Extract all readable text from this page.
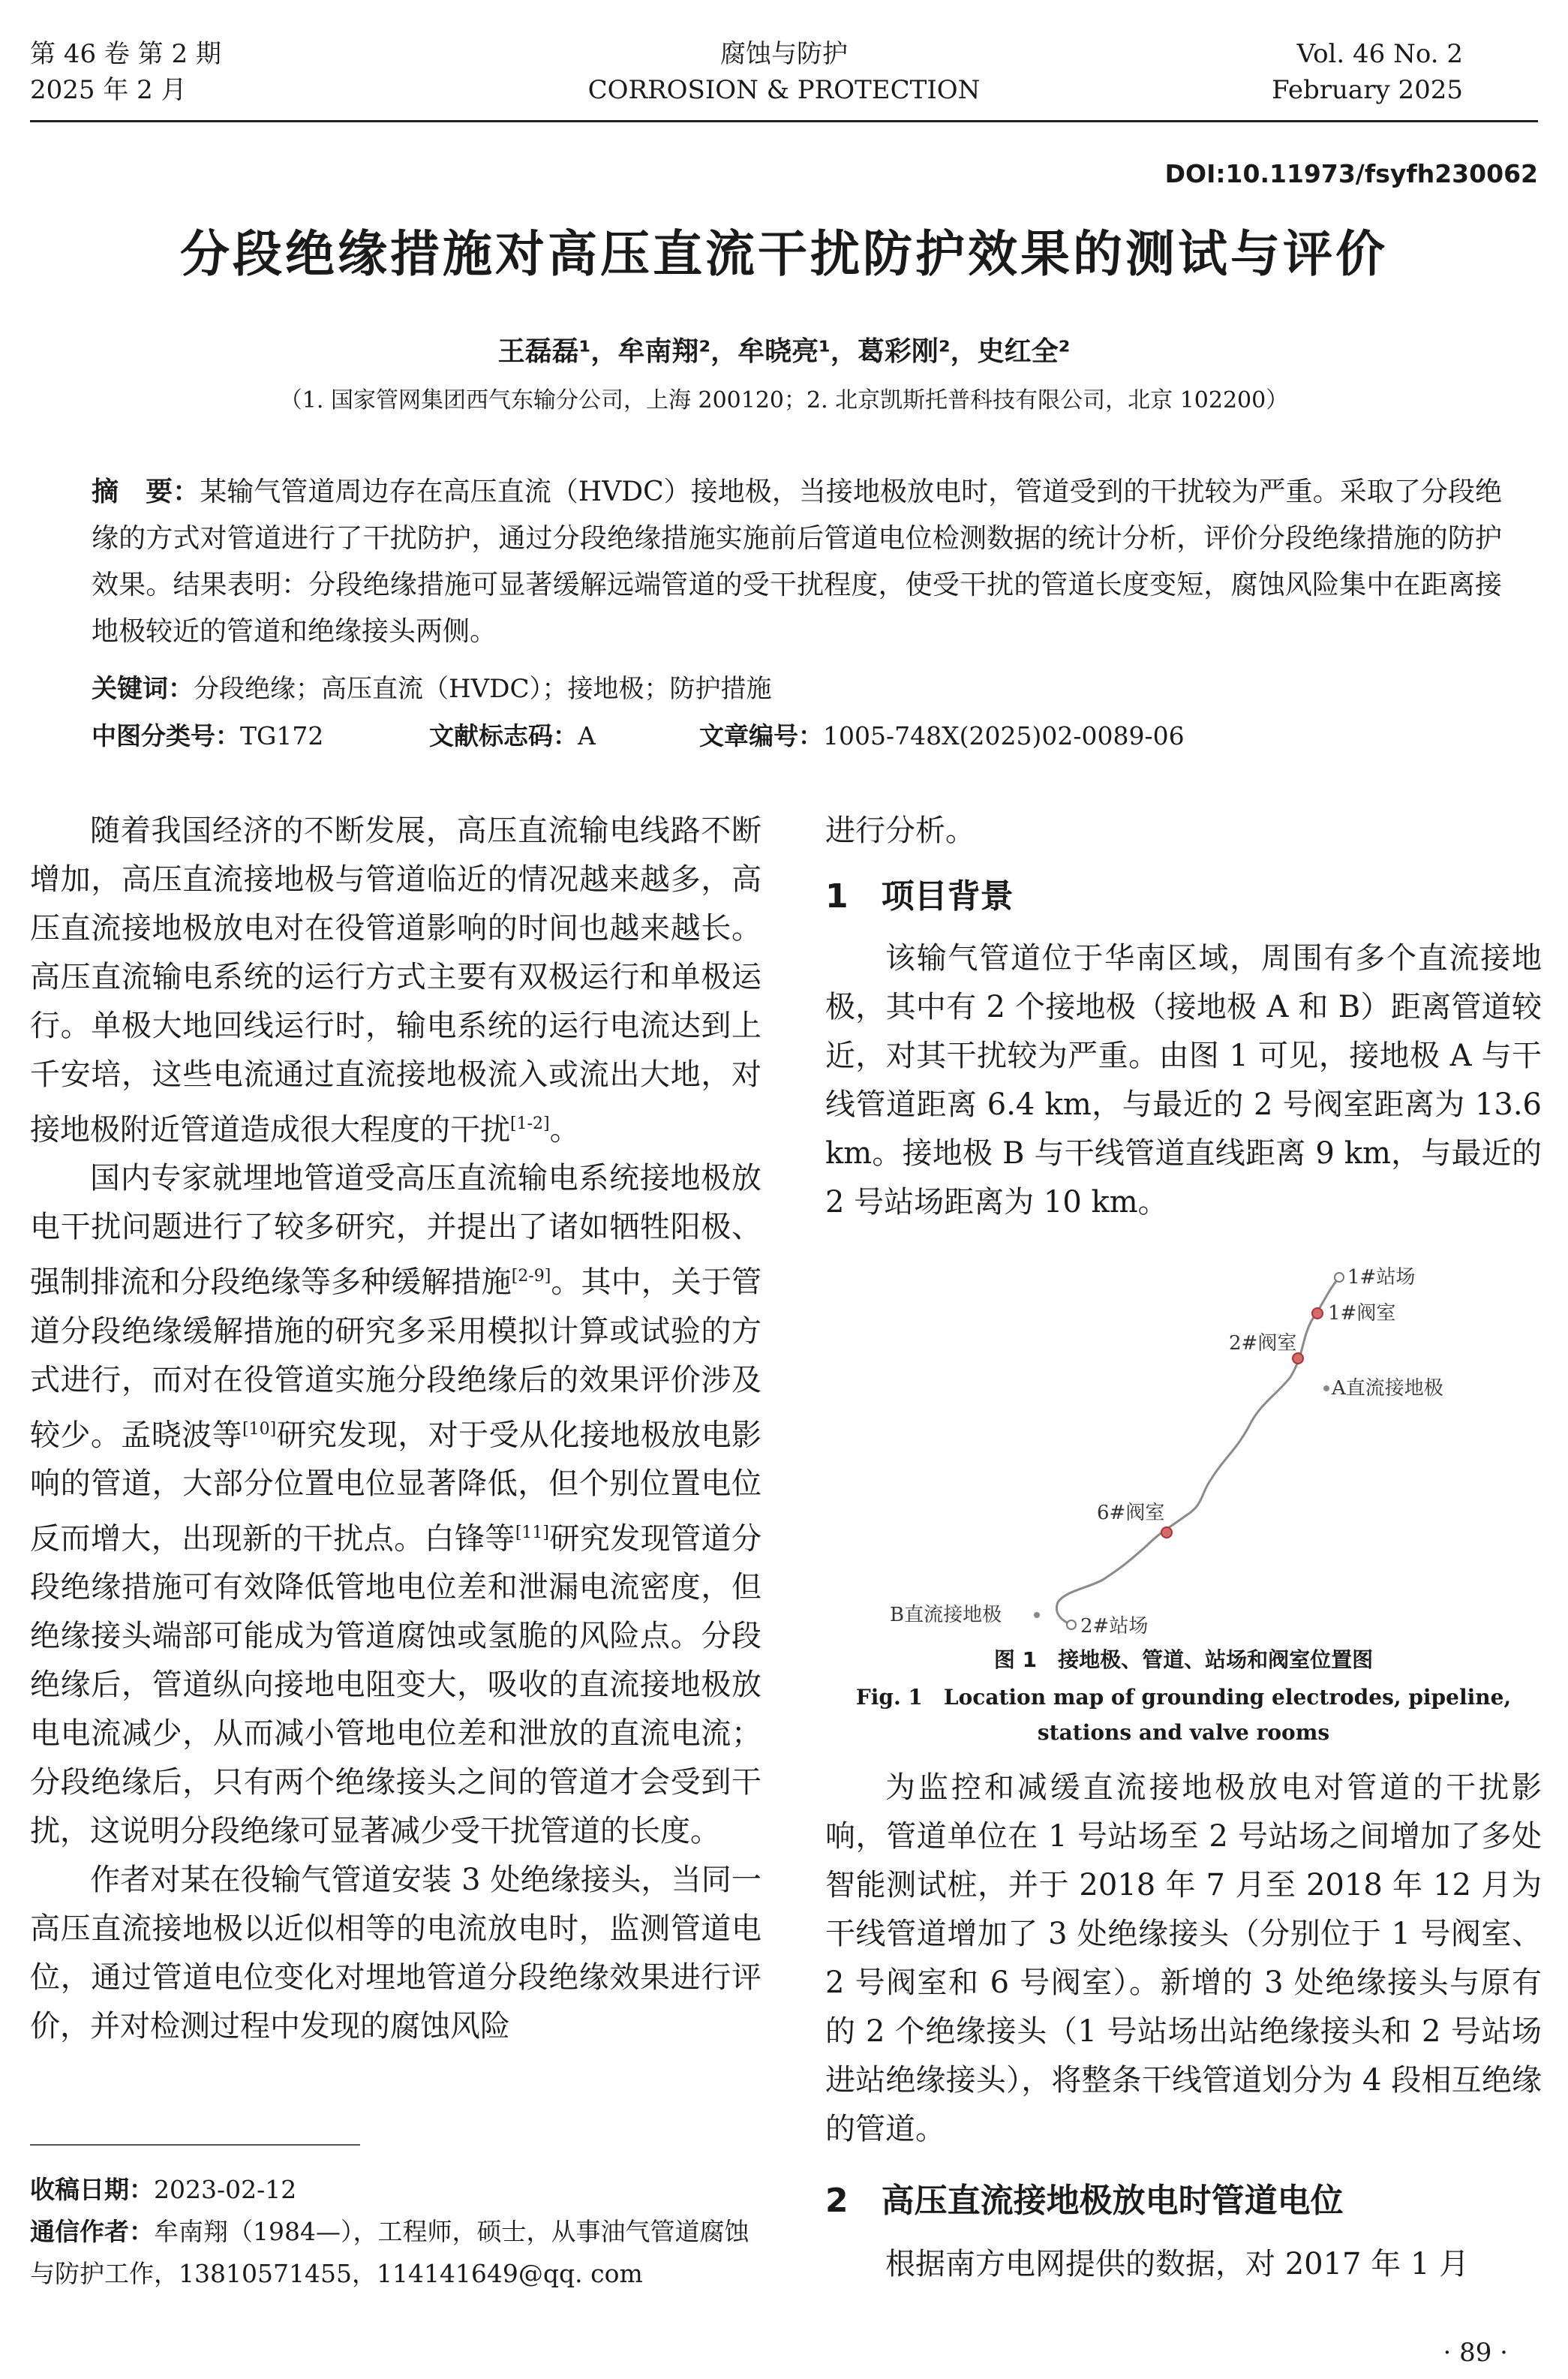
第 46 卷 第 2 期
2025 年 2 月
腐蚀与防护
CORROSION & PROTECTION
Vol. 46 No. 2
February 2025
DOI:10.11973/fsyfh230062
分段绝缘措施对高压直流干扰防护效果的测试与评价
王磊磊¹，牟南翔²，牟晓亮¹，葛彩刚²，史红全²
（1. 国家管网集团西气东输分公司，上海 200120；2. 北京凯斯托普科技有限公司，北京 102200）
摘　要：某输气管道周边存在高压直流（HVDC）接地极，当接地极放电时，管道受到的干扰较为严重。采取了分段绝缘的方式对管道进行了干扰防护，通过分段绝缘措施实施前后管道电位检测数据的统计分析，评价分段绝缘措施的防护效果。结果表明：分段绝缘措施可显著缓解远端管道的受干扰程度，使受干扰的管道长度变短，腐蚀风险集中在距离接地极较近的管道和绝缘接头两侧。
关键词：分段绝缘；高压直流（HVDC）；接地极；防护措施
中图分类号：TG172	文献标志码：A	文章编号：1005-748X(2025)02-0089-06

随着我国经济的不断发展，高压直流输电线路不断增加，高压直流接地极与管道临近的情况越来越多，高压直流接地极放电对在役管道影响的时间也越来越长。高压直流输电系统的运行方式主要有双极运行和单极运行。单极大地回线运行时，输电系统的运行电流达到上千安培，这些电流通过直流接地极流入或流出大地，对接地极附近管道造成很大程度的干扰[1-2]。

国内专家就埋地管道受高压直流输电系统接地极放电干扰问题进行了较多研究，并提出了诸如牺牲阳极、强制排流和分段绝缘等多种缓解措施[2-9]。其中，关于管道分段绝缘缓解措施的研究多采用模拟计算或试验的方式进行，而对在役管道实施分段绝缘后的效果评价涉及较少。孟晓波等[10]研究发现，对于受从化接地极放电影响的管道，大部分位置电位显著降低，但个别位置电位反而增大，出现新的干扰点。白锋等[11]研究发现管道分段绝缘措施可有效降低管地电位差和泄漏电流密度，但绝缘接头端部可能成为管道腐蚀或氢脆的风险点。分段绝缘后，管道纵向接地电阻变大，吸收的直流接地极放电电流减少，从而减小管地电位差和泄放的直流电流；分段绝缘后，只有两个绝缘接头之间的管道才会受到干扰，这说明分段绝缘可显著减少受干扰管道的长度。

作者对某在役输气管道安装 3 处绝缘接头，当同一高压直流接地极以近似相等的电流放电时，监测管道电位，通过管道电位变化对埋地管道分段绝缘效果进行评价，并对检测过程中发现的腐蚀风险

收稿日期：2023-02-12
通信作者：牟南翔（1984—），工程师，硕士，从事油气管道腐蚀与防护工作，13810571455，114141649@qq. com
进行分析。
1　项目背景

该输气管道位于华南区域，周围有多个直流接地极，其中有 2 个接地极（接地极 A 和 B）距离管道较近，对其干扰较为严重。由图 1 可见，接地极 A 与干线管道距离 6.4 km，与最近的 2 号阀室距离为 13.6 km。接地极 B 与干线管道直线距离 9 km，与最近的 2 号站场距离为 10 km。

1#站场
1#阀室
2#阀室
A直流接地极
6#阀室
B直流接地极	2#站场
图 1　接地极、管道、站场和阀室位置图
Fig. 1　Location map of grounding electrodes, pipeline,
stations and valve rooms

为监控和减缓直流接地极放电对管道的干扰影响，管道单位在 1 号站场至 2 号站场之间增加了多处智能测试桩，并于 2018 年 7 月至 2018 年 12 月为干线管道增加了 3 处绝缘接头（分别位于 1 号阀室、2 号阀室和 6 号阀室）。新增的 3 处绝缘接头与原有的 2 个绝缘接头（1 号站场出站绝缘接头和 2 号站场进站绝缘接头），将整条干线管道划分为 4 段相互绝缘的管道。

2　高压直流接地极放电时管道电位

根据南方电网提供的数据，对 2017 年 1 月

· 89 ·
